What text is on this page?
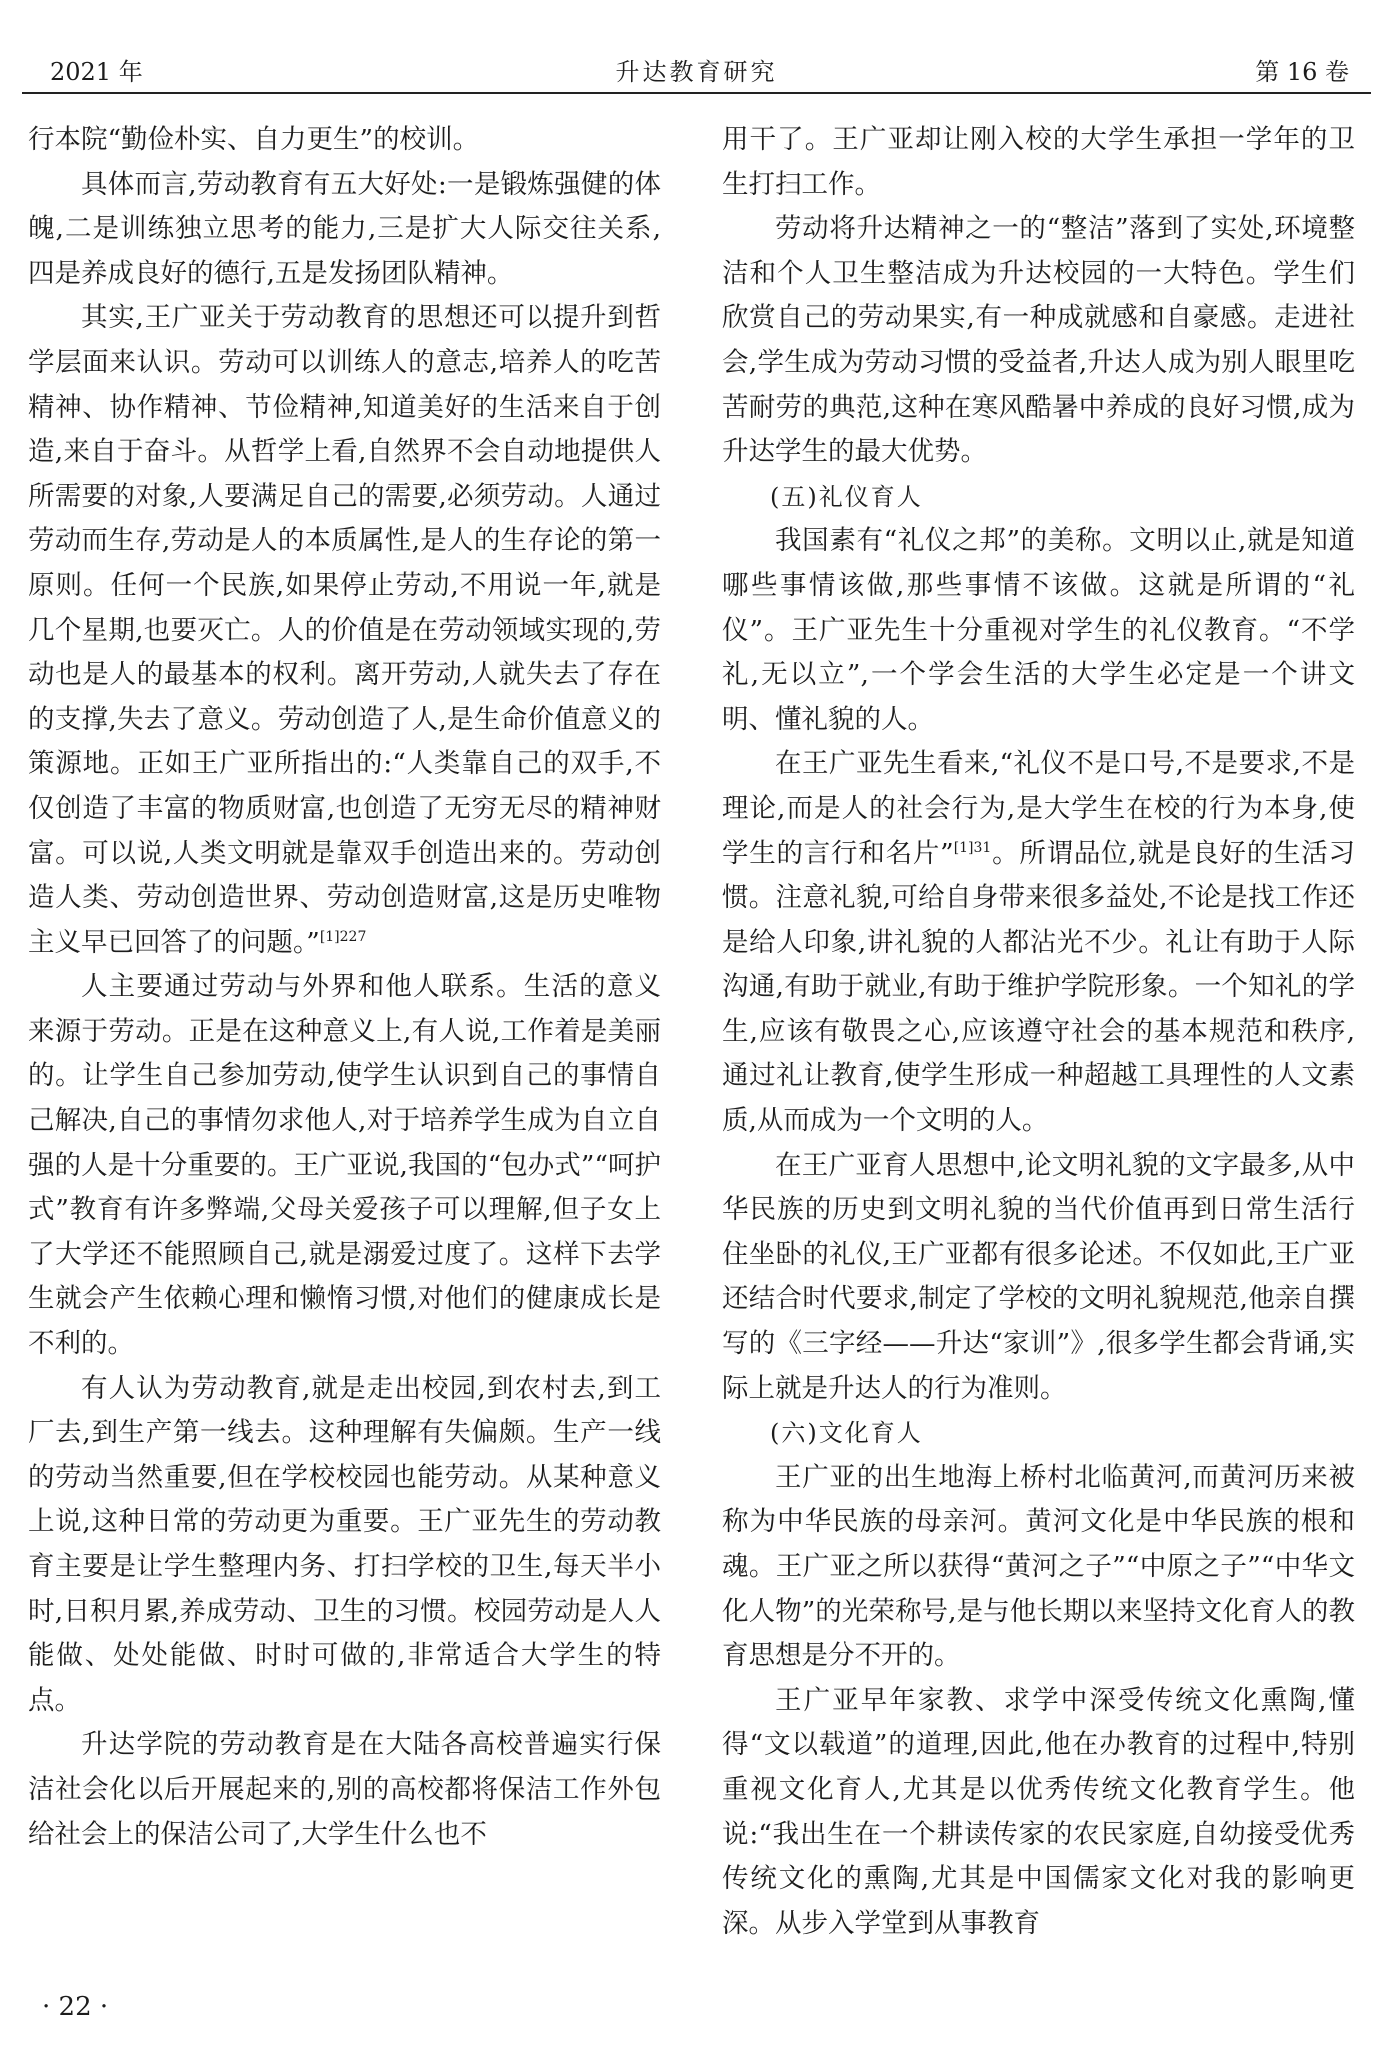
2021 年	升达教育研究	第 16 卷

行本院“勤俭朴实、自力更生”的校训。

具体而言,劳动教育有五大好处:一是锻炼强健的体魄,二是训练独立思考的能力,三是扩大人际交往关系,四是养成良好的德行,五是发扬团队精神。

其实,王广亚关于劳动教育的思想还可以提升到哲学层面来认识。劳动可以训练人的意志,培养人的吃苦精神、协作精神、节俭精神,知道美好的生活来自于创造,来自于奋斗。从哲学上看,自然界不会自动地提供人所需要的对象,人要满足自己的需要,必须劳动。人通过劳动而生存,劳动是人的本质属性,是人的生存论的第一原则。任何一个民族,如果停止劳动,不用说一年,就是几个星期,也要灭亡。人的价值是在劳动领域实现的,劳动也是人的最基本的权利。离开劳动,人就失去了存在的支撑,失去了意义。劳动创造了人,是生命价值意义的策源地。正如王广亚所指出的:“人类靠自己的双手,不仅创造了丰富的物质财富,也创造了无穷无尽的精神财富。可以说,人类文明就是靠双手创造出来的。劳动创造人类、劳动创造世界、劳动创造财富,这是历史唯物主义早已回答了的问题。”$^{[1]227}$

人主要通过劳动与外界和他人联系。生活的意义来源于劳动。正是在这种意义上,有人说,工作着是美丽的。让学生自己参加劳动,使学生认识到自己的事情自己解决,自己的事情勿求他人,对于培养学生成为自立自强的人是十分重要的。王广亚说,我国的“包办式”“呵护式”教育有许多弊端,父母关爱孩子可以理解,但子女上了大学还不能照顾自己,就是溺爱过度了。这样下去学生就会产生依赖心理和懒惰习惯,对他们的健康成长是不利的。

有人认为劳动教育,就是走出校园,到农村去,到工厂去,到生产第一线去。这种理解有失偏颇。生产一线的劳动当然重要,但在学校校园也能劳动。从某种意义上说,这种日常的劳动更为重要。王广亚先生的劳动教育主要是让学生整理内务、打扫学校的卫生,每天半小时,日积月累,养成劳动、卫生的习惯。校园劳动是人人能做、处处能做、时时可做的,非常适合大学生的特点。

升达学院的劳动教育是在大陆各高校普遍实行保洁社会化以后开展起来的,别的高校都将保洁工作外包给社会上的保洁公司了,大学生什么也不

用干了。王广亚却让刚入校的大学生承担一学年的卫生打扫工作。

劳动将升达精神之一的“整洁”落到了实处,环境整洁和个人卫生整洁成为升达校园的一大特色。学生们欣赏自己的劳动果实,有一种成就感和自豪感。走进社会,学生成为劳动习惯的受益者,升达人成为别人眼里吃苦耐劳的典范,这种在寒风酷暑中养成的良好习惯,成为升达学生的最大优势。

(五)礼仪育人

我国素有“礼仪之邦”的美称。文明以止,就是知道哪些事情该做,那些事情不该做。这就是所谓的“礼仪”。王广亚先生十分重视对学生的礼仪教育。“不学礼,无以立”,一个学会生活的大学生必定是一个讲文明、懂礼貌的人。

在王广亚先生看来,“礼仪不是口号,不是要求,不是理论,而是人的社会行为,是大学生在校的行为本身,使学生的言行和名片”$^{[1]31}$。所谓品位,就是良好的生活习惯。注意礼貌,可给自身带来很多益处,不论是找工作还是给人印象,讲礼貌的人都沾光不少。礼让有助于人际沟通,有助于就业,有助于维护学院形象。一个知礼的学生,应该有敬畏之心,应该遵守社会的基本规范和秩序,通过礼让教育,使学生形成一种超越工具理性的人文素质,从而成为一个文明的人。

在王广亚育人思想中,论文明礼貌的文字最多,从中华民族的历史到文明礼貌的当代价值再到日常生活行住坐卧的礼仪,王广亚都有很多论述。不仅如此,王广亚还结合时代要求,制定了学校的文明礼貌规范,他亲自撰写的《三字经——升达“家训”》,很多学生都会背诵,实际上就是升达人的行为准则。

(六)文化育人

王广亚的出生地海上桥村北临黄河,而黄河历来被称为中华民族的母亲河。黄河文化是中华民族的根和魂。王广亚之所以获得“黄河之子”“中原之子”“中华文化人物”的光荣称号,是与他长期以来坚持文化育人的教育思想是分不开的。

王广亚早年家教、求学中深受传统文化熏陶,懂得“文以载道”的道理,因此,他在办教育的过程中,特别重视文化育人,尤其是以优秀传统文化教育学生。他说:“我出生在一个耕读传家的农民家庭,自幼接受优秀传统文化的熏陶,尤其是中国儒家文化对我的影响更深。从步入学堂到从事教育

· 22 ·
